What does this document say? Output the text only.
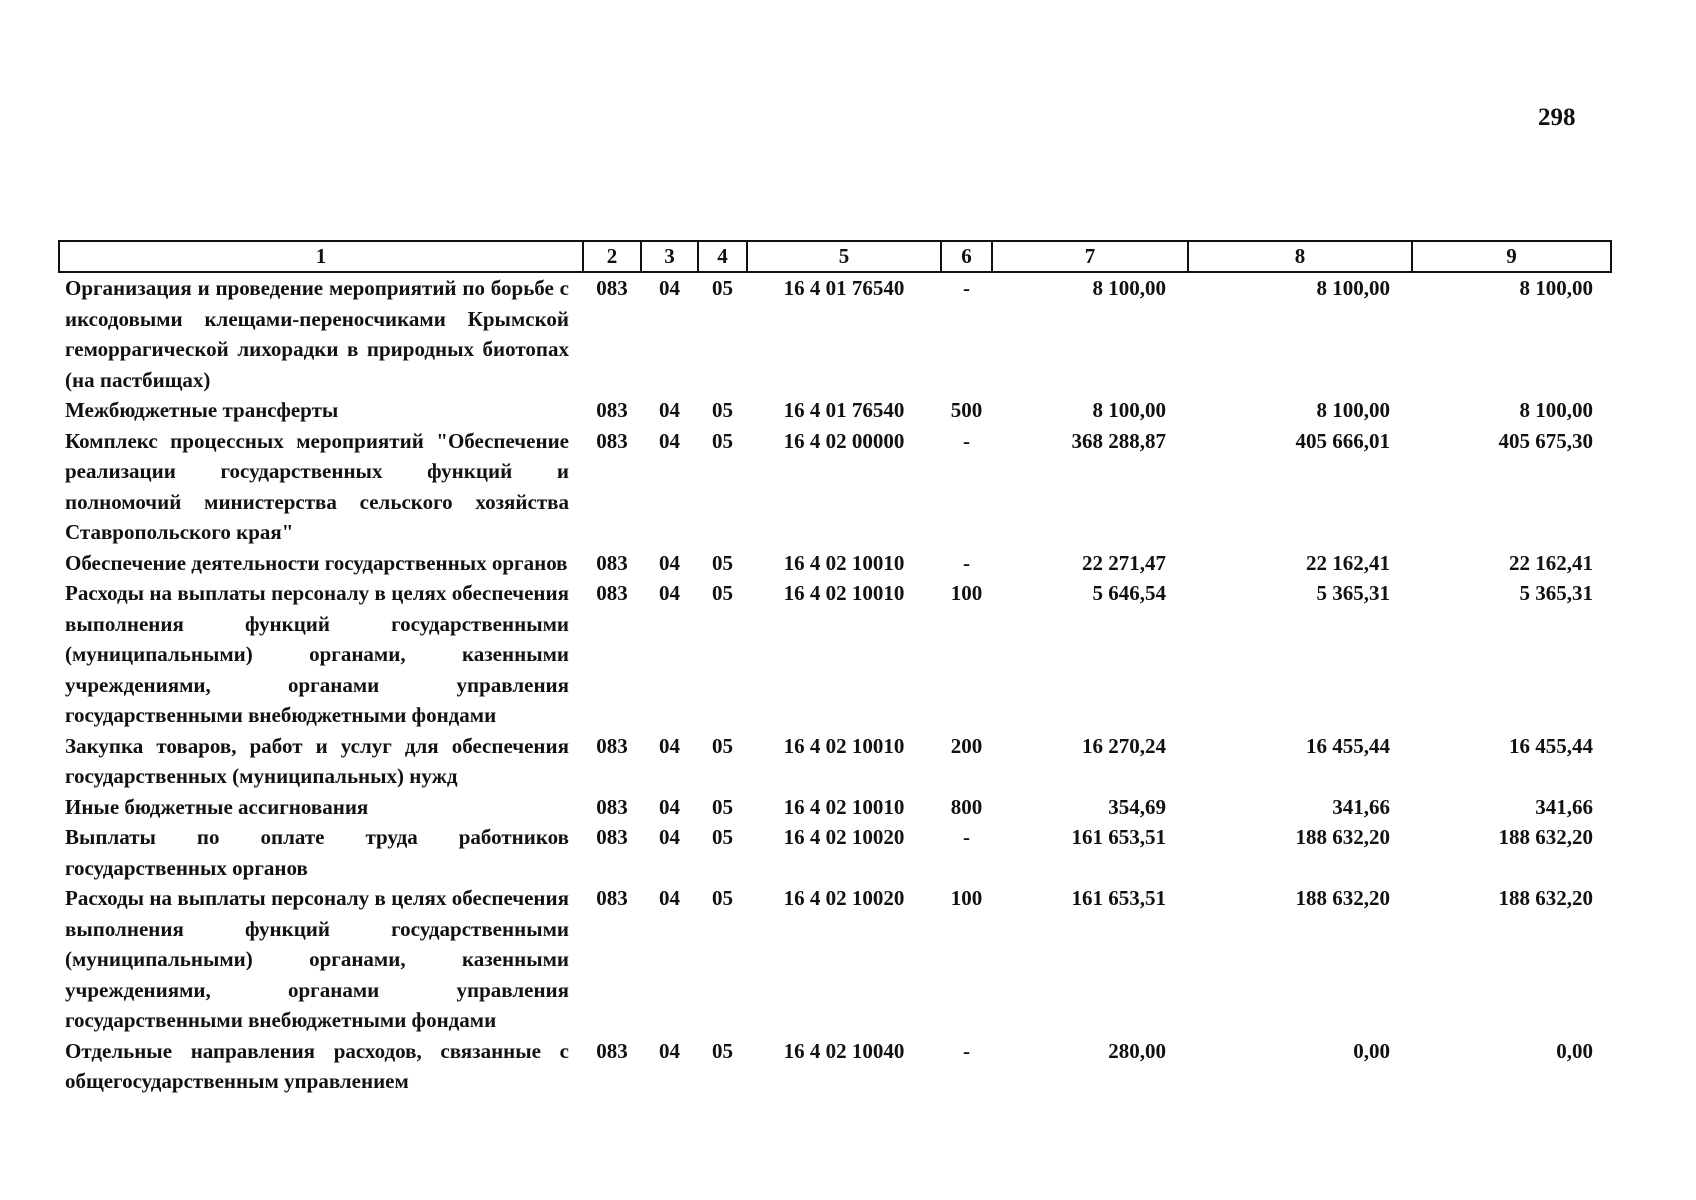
298
1	2	3	4	5	6	7	8	9
Организация и проведение мероприятий по борьбе с иксодовыми клещами-переносчиками Крымской геморрагической лихорадки в природных биотопах (на пастбищах)	083	04	05	16 4 01 76540	-	8 100,00	8 100,00	8 100,00
Межбюджетные трансферты	083	04	05	16 4 01 76540	500	8 100,00	8 100,00	8 100,00
Комплекс процессных мероприятий "Обеспечение реализации государственных функций и полномочий министерства сельского хозяйства Ставропольского края"	083	04	05	16 4 02 00000	-	368 288,87	405 666,01	405 675,30
Обеспечение деятельности государственных органов	083	04	05	16 4 02 10010	-	22 271,47	22 162,41	22 162,41
Расходы на выплаты персоналу в целях обеспечения выполнения функций государственными (муниципальными) органами, казенными учреждениями, органами управления государственными внебюджетными фондами	083	04	05	16 4 02 10010	100	5 646,54	5 365,31	5 365,31
Закупка товаров, работ и услуг для обеспечения государственных (муниципальных) нужд	083	04	05	16 4 02 10010	200	16 270,24	16 455,44	16 455,44
Иные бюджетные ассигнования	083	04	05	16 4 02 10010	800	354,69	341,66	341,66
Выплаты по оплате труда работников государственных органов	083	04	05	16 4 02 10020	-	161 653,51	188 632,20	188 632,20
Расходы на выплаты персоналу в целях обеспечения выполнения функций государственными (муниципальными) органами, казенными учреждениями, органами управления государственными внебюджетными фондами	083	04	05	16 4 02 10020	100	161 653,51	188 632,20	188 632,20
Отдельные направления расходов, связанные с общегосударственным управлением	083	04	05	16 4 02 10040	-	280,00	0,00	0,00
